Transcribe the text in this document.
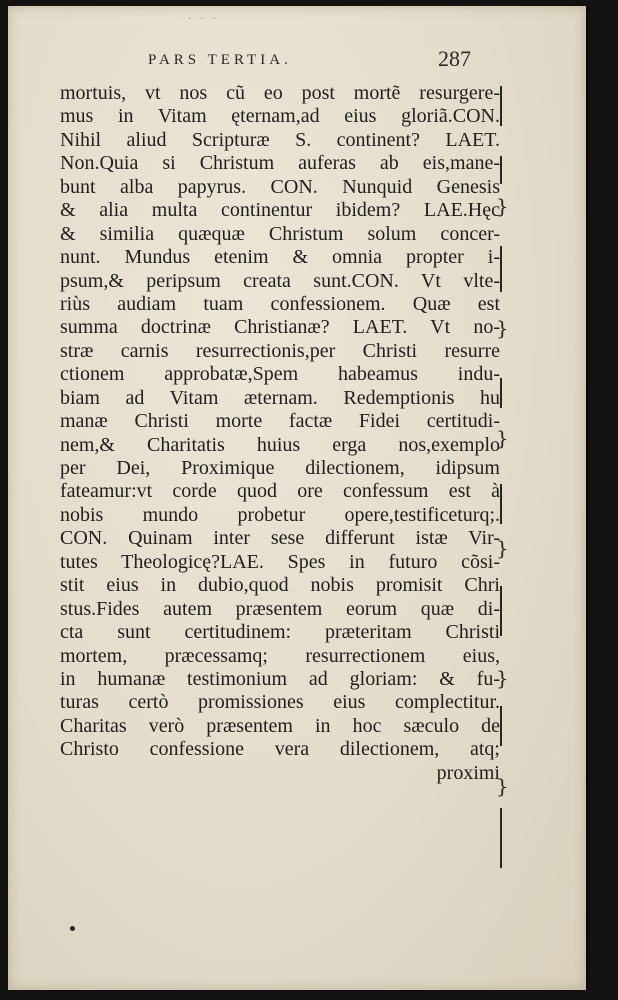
· · ·
PARS TERTIA.	287
mortuis, vt nos cũ eo post mortẽ resurgere-
mus in Vitam ęternam,ad eius gloriã.CON.
Nihil aliud Scripturæ S. continent? LAET.
Non.Quia si Christum auferas ab eis,mane-
bunt alba papyrus. CON. Nunquid Genesis
& alia multa continentur ibidem? LAE.Hęc
& similia quæquæ Christum solum concer-
nunt. Mundus etenim & omnia propter i-
psum,& peripsum creata sunt.CON. Vt vlte-
riùs audiam tuam confessionem. Quæ est
summa doctrinæ Christianæ? LAET. Vt no-
stræ carnis resurrectionis,per Christi resurre
ctionem approbatæ,Spem habeamus indu-
biam ad Vitam æternam. Redemptionis hu
manæ Christi morte factæ Fidei certitudi-
nem,& Charitatis huius erga nos,exemplo
per Dei, Proximique dilectionem, idipsum
fateamur:vt corde quod ore confessum est à
nobis mundo probetur opere,testificeturq;.
CON. Quinam inter sese differunt istæ Vir-
tutes Theologicę?LAE. Spes in futuro cõsi-
stit eius in dubio,quod nobis promisit Chri
stus.Fides autem præsentem eorum quæ di-
cta sunt certitudinem: præteritam Christi
mortem, præcessamq; resurrectionem eius,
in humanæ testimonium ad gloriam: & fu-
turas certò promissiones eius complectitur.
Charitas verò præsentem in hoc sæculo de
Christo confessione vera dilectionem, atq;
proximi
}
}
}
}
}
}
